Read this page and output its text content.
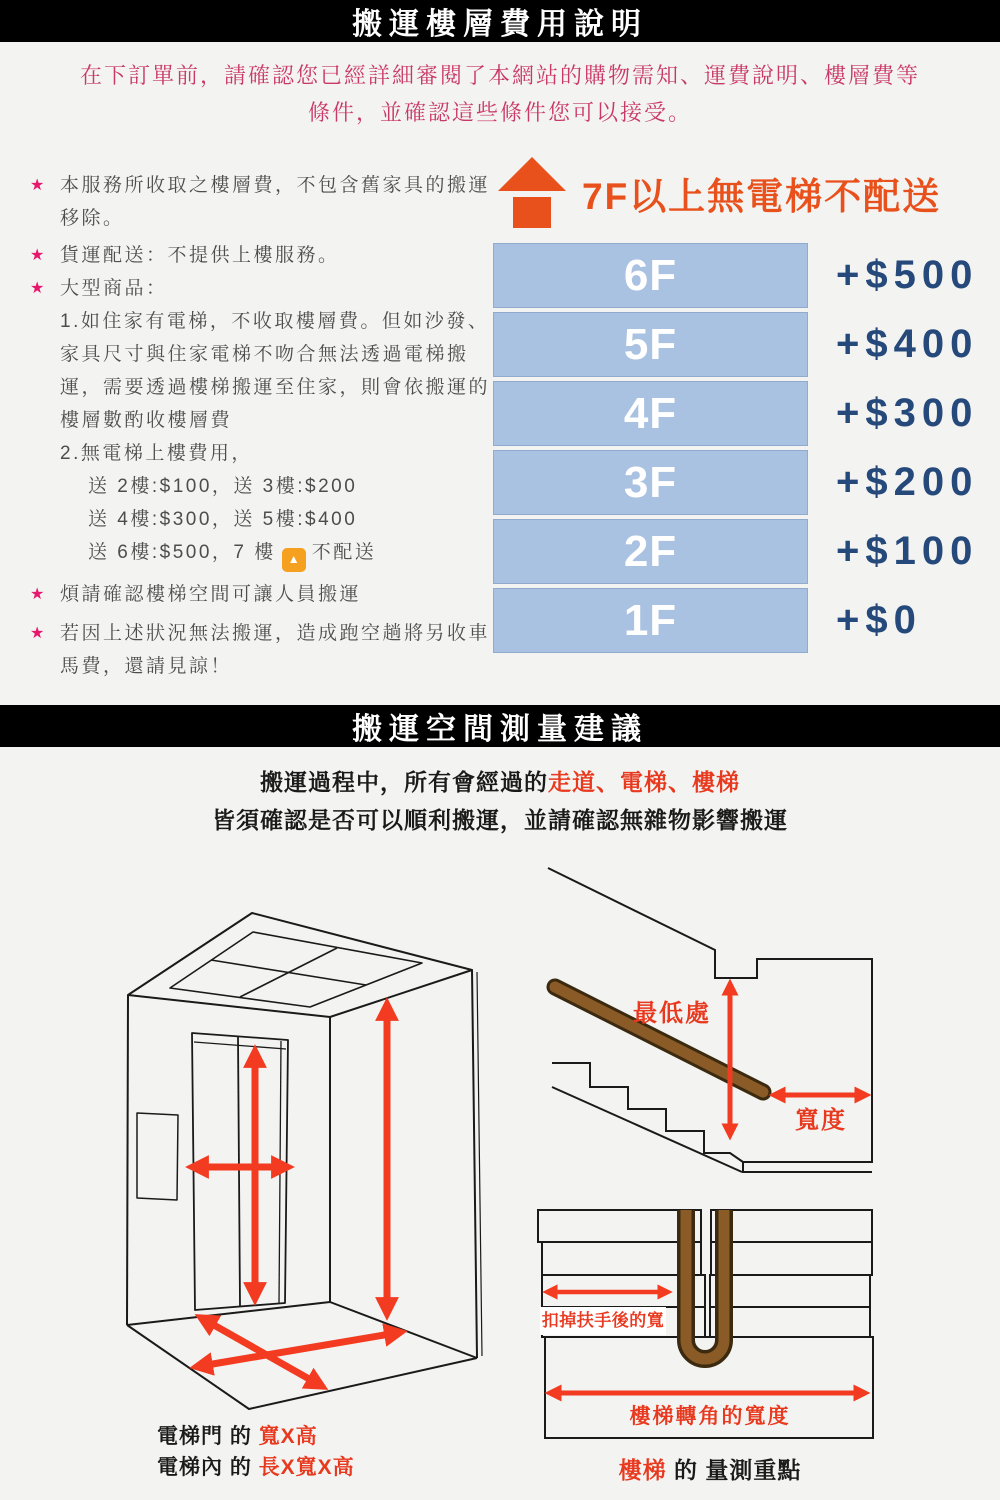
搬運樓層費用說明
在下訂單前，請確認您已經詳細審閱了本網站的購物需知、運費說明、樓層費等
條件，並確認這些條件您可以接受。
★ 本服務所收取之樓層費，不包含舊家具的搬運移除。
★ 貨運配送：不提供上樓服務。
★ 大型商品：
1.如住家有電梯，不收取樓層費。但如沙發、家具尺寸與住家電梯不吻合無法透過電梯搬運，需要透過樓梯搬運至住家，則會依搬運的樓層數酌收樓層費
2.無電梯上樓費用，
送 2樓:$100，送 3樓:$200
送 4樓:$300，送 5樓:$400
送 6樓:$500，7 樓 ▲ 不配送
★ 煩請確認樓梯空間可讓人員搬運
★ 若因上述狀況無法搬運，造成跑空趟將另收車馬費，還請見諒！
7F以上無電梯不配送
6F	+$500
5F	+$400
4F	+$300
3F	+$200
2F	+$100
1F	+$0
搬運空間測量建議
搬運過程中，所有會經過的走道、電梯、樓梯
皆須確認是否可以順利搬運，並請確認無雜物影響搬運
電梯門 的 寬X高
電梯內 的 長X寬X高
最低處
寬度
扣掉扶手後的寬
樓梯轉角的寬度
樓梯 的 量測重點
